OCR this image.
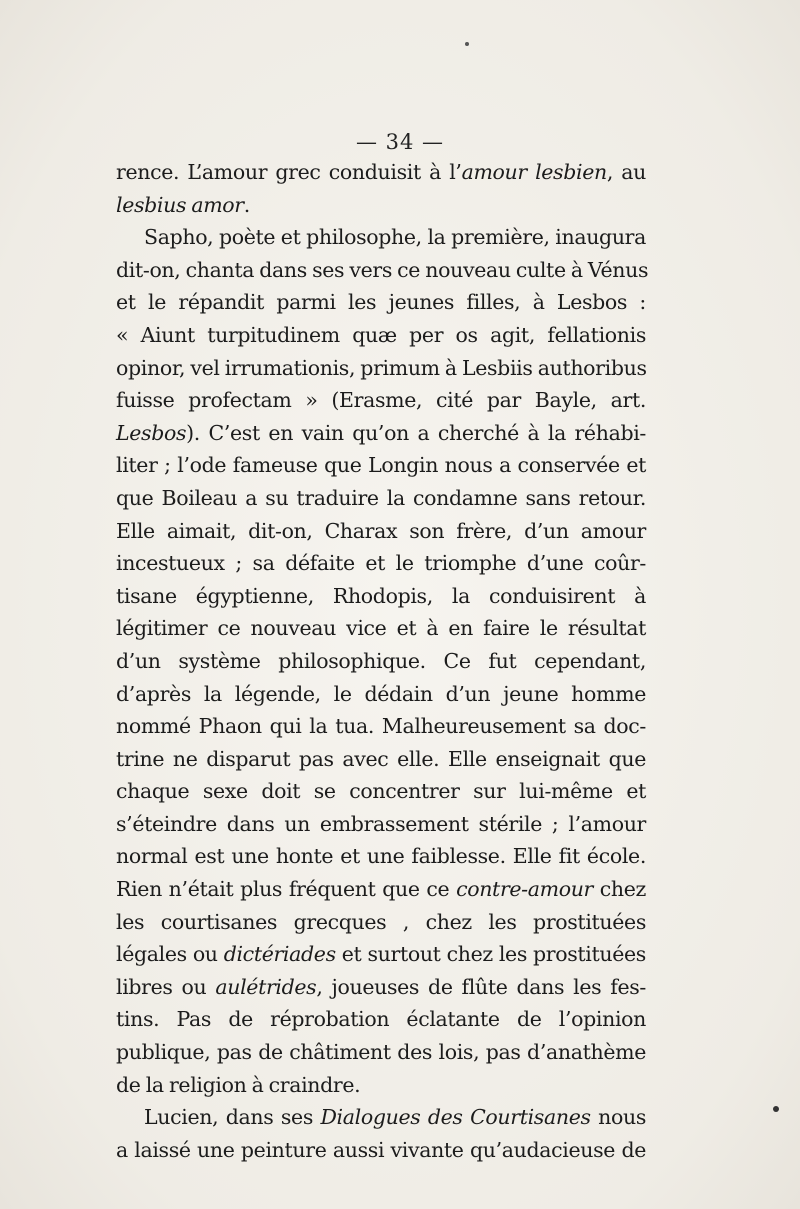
— 34 —
rence. L’amour grec conduisit à l’amour lesbien, au
lesbius amor.
Sapho, poète et philosophe, la première, inaugura
dit-on, chanta dans ses vers ce nouveau culte à Vénus
et le répandit parmi les jeunes filles, à Lesbos :
« Aiunt turpitudinem quæ per os agit, fellationis
opinor, vel irrumationis, primum à Lesbiis authoribus
fuisse profectam » (Erasme, cité par Bayle, art.
Lesbos). C’est en vain qu’on a cherché à la réhabi-
liter ; l’ode fameuse que Longin nous a conservée et
que Boileau a su traduire la condamne sans retour.
Elle aimait, dit-on, Charax son frère, d’un amour
incestueux ; sa défaite et le triomphe d’une coûr-
tisane égyptienne, Rhodopis, la conduisirent à
légitimer ce nouveau vice et à en faire le résultat
d’un système philosophique. Ce fut cependant,
d’après la légende, le dédain d’un jeune homme
nommé Phaon qui la tua. Malheureusement sa doc-
trine ne disparut pas avec elle. Elle enseignait que
chaque sexe doit se concentrer sur lui-même et
s’éteindre dans un embrassement stérile ; l’amour
normal est une honte et une faiblesse. Elle fit école.
Rien n’était plus fréquent que ce contre-amour chez
les courtisanes grecques , chez les prostituées
légales ou dictériades et surtout chez les prostituées
libres ou aulétrides, joueuses de flûte dans les fes-
tins. Pas de réprobation éclatante de l’opinion
publique, pas de châtiment des lois, pas d’anathème
de la religion à craindre.
Lucien, dans ses Dialogues des Courtisanes nous
a laissé une peinture aussi vivante qu’audacieuse de
